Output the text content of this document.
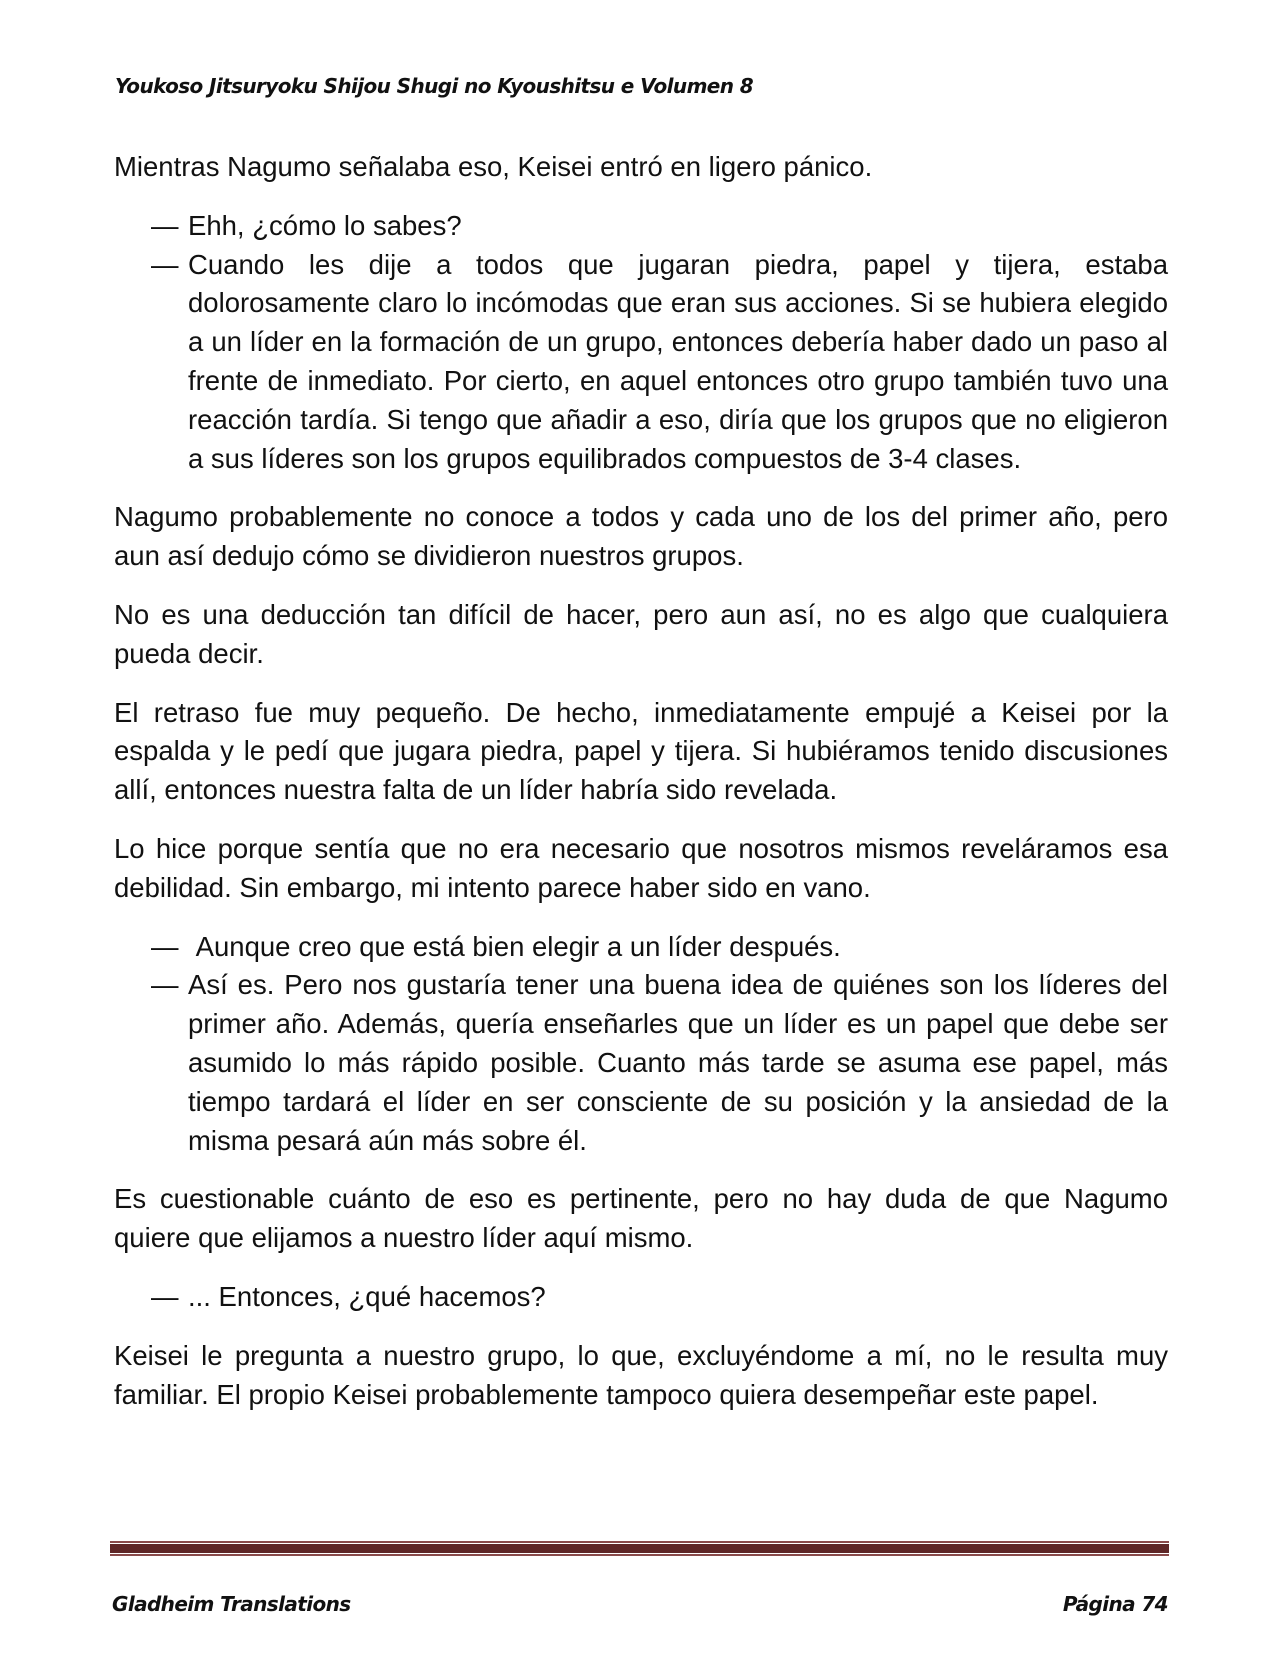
Youkoso Jitsuryoku Shijou Shugi no Kyoushitsu e Volumen 8

Mientras Nagumo señalaba eso, Keisei entró en ligero pánico.

— Ehh, ¿cómo lo sabes?
— Cuando les dije a todos que jugaran piedra, papel y tijera, estaba dolorosamente claro lo incómodas que eran sus acciones. Si se hubiera elegido a un líder en la formación de un grupo, entonces debería haber dado un paso al frente de inmediato. Por cierto, en aquel entonces otro grupo también tuvo una reacción tardía. Si tengo que añadir a eso, diría que los grupos que no eligieron a sus líderes son los grupos equilibrados compuestos de 3-4 clases.

Nagumo probablemente no conoce a todos y cada uno de los del primer año, pero aun así dedujo cómo se dividieron nuestros grupos.

No es una deducción tan difícil de hacer, pero aun así, no es algo que cualquiera pueda decir.

El retraso fue muy pequeño. De hecho, inmediatamente empujé a Keisei por la espalda y le pedí que jugara piedra, papel y tijera. Si hubiéramos tenido discusiones allí, entonces nuestra falta de un líder habría sido revelada.

Lo hice porque sentía que no era necesario que nosotros mismos reveláramos esa debilidad. Sin embargo, mi intento parece haber sido en vano.

— Aunque creo que está bien elegir a un líder después.
— Así es. Pero nos gustaría tener una buena idea de quiénes son los líderes del primer año. Además, quería enseñarles que un líder es un papel que debe ser asumido lo más rápido posible. Cuanto más tarde se asuma ese papel, más tiempo tardará el líder en ser consciente de su posición y la ansiedad de la misma pesará aún más sobre él.

Es cuestionable cuánto de eso es pertinente, pero no hay duda de que Nagumo quiere que elijamos a nuestro líder aquí mismo.

— ... Entonces, ¿qué hacemos?

Keisei le pregunta a nuestro grupo, lo que, excluyéndome a mí, no le resulta muy familiar. El propio Keisei probablemente tampoco quiera desempeñar este papel.

Gladheim Translations	Página 74
